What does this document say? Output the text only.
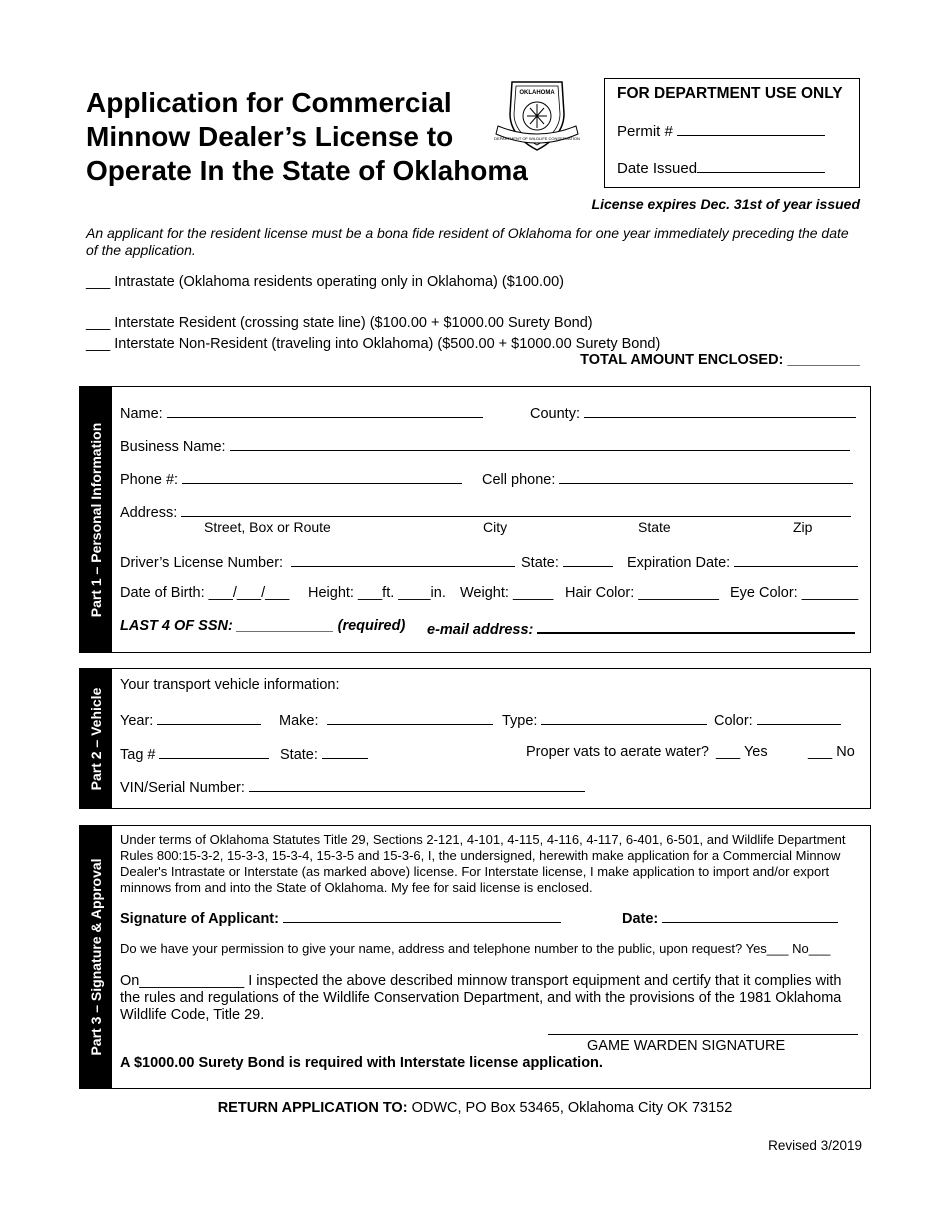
Application for Commercial
Minnow Dealer’s License to
Operate In the State of Oklahoma
OKLAHOMA
DEPARTMENT OF WILDLIFE CONSERVATION
FOR DEPARTMENT USE ONLY
Permit #
Date Issued
License expires Dec. 31st of year issued
An applicant for the resident license must be a bona fide resident of Oklahoma for one year immediately preceding the date of the application.
___ Intrastate (Oklahoma residents operating only in Oklahoma) ($100.00)
___ Interstate Resident (crossing state line) ($100.00 + $1000.00 Surety Bond)
___ Interstate Non-Resident (traveling into Oklahoma) ($500.00 + $1000.00 Surety Bond)
TOTAL AMOUNT ENCLOSED: _________
Part 1 – Personal Information
Name:	County:
Business Name:
Phone #:	Cell phone:
Address:
Street, Box or Route	City	State	Zip
Driver’s License Number:	State:	Expiration Date:
Date of Birth: ___/___/___ Height: ___ft. ____in. Weight: _____ Hair Color: __________ Eye Color: _______
LAST 4 OF SSN: ____________ (required) e-mail address:
Part 2 – Vehicle
Your transport vehicle information:
Year:	Make:	Type:	Color:
Tag #	State:	Proper vats to aerate water? ___ Yes	___ No
VIN/Serial Number:
Part 3 – Signature & Approval
Under terms of Oklahoma Statutes Title 29, Sections 2-121, 4-101, 4-115, 4-116, 4-117, 6-401, 6-501, and Wildlife Department Rules 800:15-3-2, 15-3-3, 15-3-4, 15-3-5 and 15-3-6, I, the undersigned, herewith make application for a Commercial Minnow Dealer's Intrastate or Interstate (as marked above) license. For Interstate license, I make application to import and/or export minnows from and into the State of Oklahoma. My fee for said license is enclosed.
Signature of Applicant:	Date:
Do we have your permission to give your name, address and telephone number to the public, upon request? Yes___ No___
On_____________ I inspected the above described minnow transport equipment and certify that it complies with the rules and regulations of the Wildlife Conservation Department, and with the provisions of the 1981 Oklahoma Wildlife Code, Title 29.
GAME WARDEN SIGNATURE
A $1000.00 Surety Bond is required with Interstate license application.
RETURN APPLICATION TO: ODWC, PO Box 53465, Oklahoma City OK 73152
Revised 3/2019
